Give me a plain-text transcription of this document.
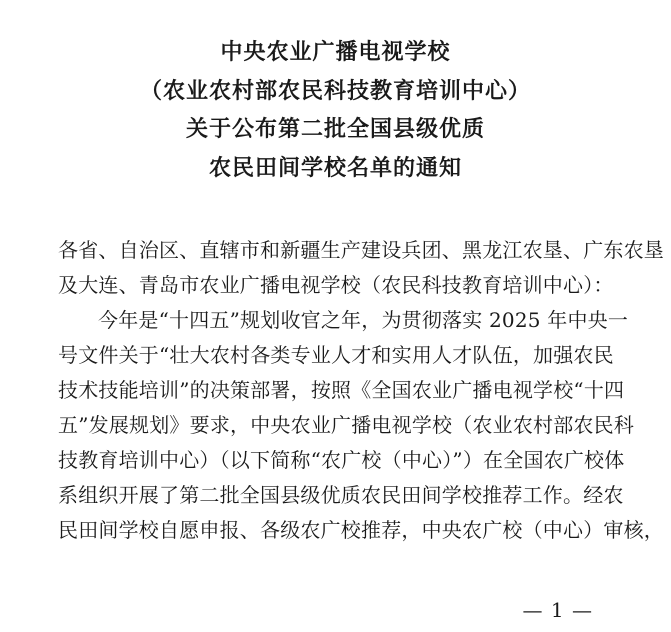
中央农业广播电视学校
（农业农村部农民科技教育培训中心）
关于公布第二批全国县级优质
农民田间学校名单的通知
各省、自治区、直辖市和新疆生产建设兵团、黑龙江农垦、广东农垦
及大连、青岛市农业广播电视学校（农民科技教育培训中心）：
今年是“十四五”规划收官之年，为贯彻落实 2025 年中央一
号文件关于“壮大农村各类专业人才和实用人才队伍，加强农民
技术技能培训”的决策部署，按照《全国农业广播电视学校“十四
五”发展规划》要求，中央农业广播电视学校（农业农村部农民科
技教育培训中心）（以下简称“农广校（中心）”）在全国农广校体
系组织开展了第二批全国县级优质农民田间学校推荐工作。经农
民田间学校自愿申报、各级农广校推荐，中央农广校（中心）审核，
— 1 —
